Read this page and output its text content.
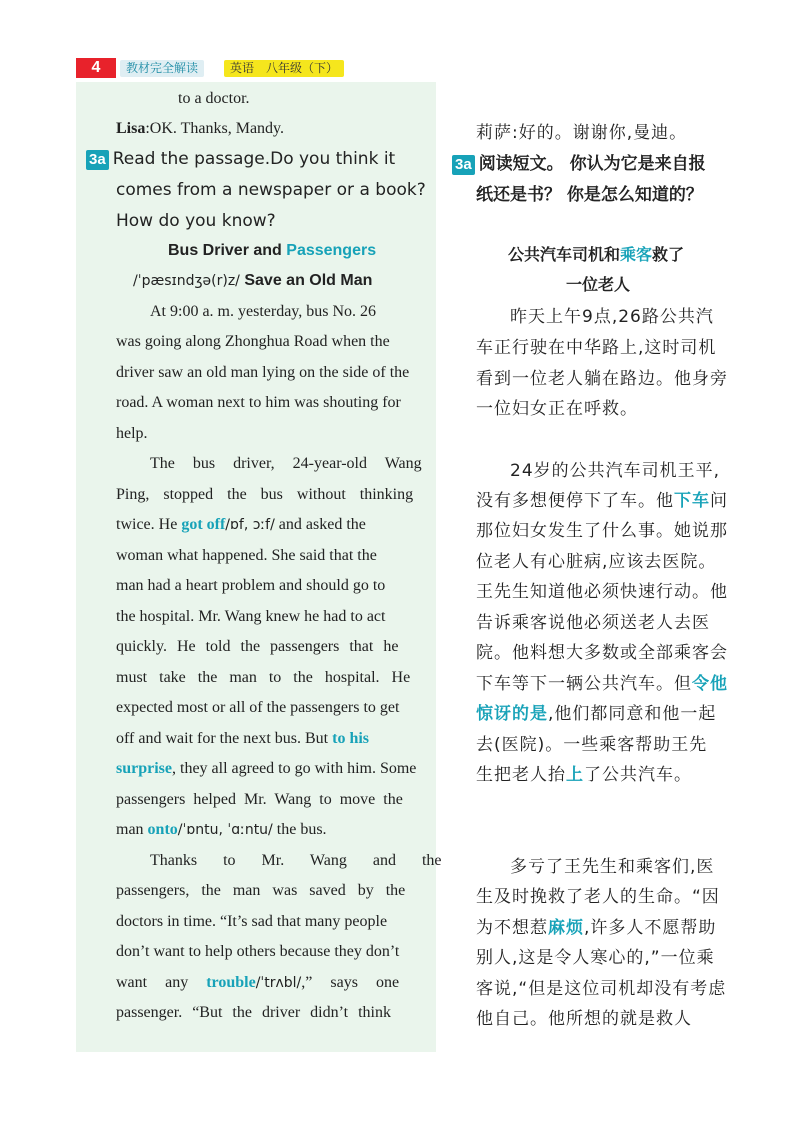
4	教材完全解读	英语　八年级（下）
to a doctor.
Lisa:OK. Thanks, Mandy.
3a Read the passage.Do you think it
comes from a newspaper or a book?
How do you know?
Bus Driver and Passengers
/ˈpæsɪndʒə(r)z/ Save an Old Man
At 9:00 a. m. yesterday, bus No. 26
was going along Zhonghua Road when the
driver saw an old man lying on the side of the
road. A woman next to him was shouting for
help.
The bus driver, 24-year-old Wang
Ping, stopped the bus without thinking
twice. He got off/ɒf, ɔːf/ and asked the
woman what happened. She said that the
man had a heart problem and should go to
the hospital. Mr. Wang knew he had to act
quickly. He told the passengers that he
must take the man to the hospital. He
expected most or all of the passengers to get
off and wait for the next bus. But to his
surprise, they all agreed to go with him. Some
passengers helped Mr. Wang to move the
man onto/ˈɒntu, ˈɑːntu/ the bus.
Thanks to Mr. Wang and the
passengers, the man was saved by the
doctors in time. “It’s sad that many people
don’t want to help others because they don’t
want any trouble/ˈtrʌbl/,” says one
passenger. “But the driver didn’t think
莉萨:好的。谢谢你,曼迪。
3a 阅读短文。 你认为它是来自报
纸还是书？ 你是怎么知道的？
公共汽车司机和乘客救了
一位老人
昨天上午9点,26路公共汽
车正行驶在中华路上,这时司机
看到一位老人躺在路边。他身旁
一位妇女正在呼救。
24岁的公共汽车司机王平,
没有多想便停下了车。他下车问
那位妇女发生了什么事。她说那
位老人有心脏病,应该去医院。
王先生知道他必须快速行动。他
告诉乘客说他必须送老人去医
院。他料想大多数或全部乘客会
下车等下一辆公共汽车。但令他
惊讶的是,他们都同意和他一起
去(医院)。一些乘客帮助王先
生把老人抬上了公共汽车。
多亏了王先生和乘客们,医
生及时挽救了老人的生命。“因
为不想惹麻烦,许多人不愿帮助
别人,这是令人寒心的,”一位乘
客说,“但是这位司机却没有考虑
他自己。他所想的就是救人
